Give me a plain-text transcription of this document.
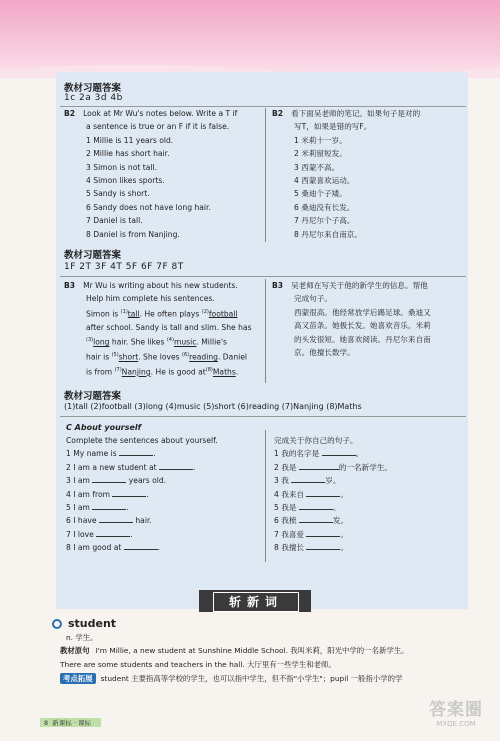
教材习题答案
1c 2a 3d 4b
B2 Look at Mr Wu's notes below. Write a T if
a sentence is true or an F if it is false.
1 Millie is 11 years old.
2 Millie has short hair.
3 Simon is not tall.
4 Simon likes sports.
5 Sandy is short.
6 Sandy does not have long hair.
7 Daniel is tall.
8 Daniel is from Nanjing.
B2 看下面吴老师的笔记。如果句子是对的
写T，如果是错的写F。
1 米莉十一岁。
2 米莉留短发。
3 西蒙不高。
4 西蒙喜欢运动。
5 桑迪个子矮。
6 桑迪没有长发。
7 丹尼尔个子高。
8 丹尼尔来自南京。
教材习题答案
1F 2T 3F 4T 5F 6F 7F 8T
B3 Mr Wu is writing about his new students.
Help him complete his sentences.
Simon is $^{(1)}$tall. He often plays $^{(2)}$football
after school. Sandy is tall and slim. She has
$^{(3)}$long hair. She likes $^{(4)}$music. Millie's
hair is $^{(5)}$short. She loves $^{(6)}$reading. Daniel
is from $^{(7)}$Nanjing. He is good $at^{(8)}Maths$.
B3 吴老师在写关于他的新学生的信息。帮他
完成句子。
西蒙很高。他经常放学后踢足球。桑迪又
高又苗条。她极长发。她喜欢音乐。米莉
的头发很短。她喜欢阅读。丹尼尔来自南
京。他擅长数学。
教材习题答案
(1)tall (2)football (3)long (4)music (5)short (6)reading (7)Nanjing (8)Maths
C About yourself
Complete the sentences about yourself.
1 My name is	.
2 I am a new student at	.
3 I am	years old.
4 I am from	.
5 I am	.
6 I have	hair.
7 I love	.
8 I am good at	.
完成关于你自己的句子。
1 我的名字是	。
2 我是	的一名新学生。
3 我	岁。
4 我来自	。
5 我是	。
6 我梳	发。
7 我喜爱	。
8 我擅长	。
斩新词
student
n. 学生。
教材原句 I'm Millie, a new student at Sunshine Middle School. 我叫米莉，阳光中学的一名新学生。
There are some students and teachers in the hall. 大厅里有一些学生和老师。
考点拓展 student 主要指高等学校的学生，也可以指中学生，但不指"小学生"；pupil 一般指小学的学
8 新课标 · 课标
答案圈
MXQE.COM
